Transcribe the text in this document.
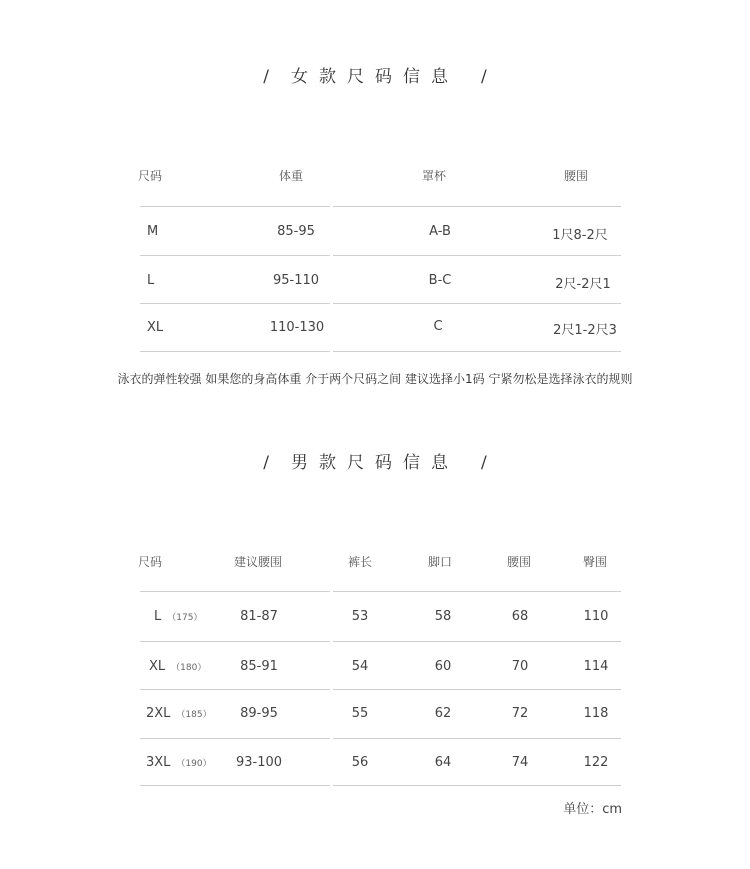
/ 女款尺码信息 /
尺码	体重	罩杯	腰围
M	85-95	A-B	1尺8-2尺
L	95-110	B-C	2尺-2尺1
XL	110-130	C	2尺1-2尺3
泳衣的弹性较强 如果您的身高体重 介于两个尺码之间 建议选择小1码 宁紧勿松是选择泳衣的规则
/ 男款尺码信息 /
尺码	建议腰围	裤长	脚口	腰围	臀围
L （175）	81-87	53	58	68	110
XL （180）	85-91	54	60	70	114
2XL （185） 89-95	55	62	72	118
3XL （190） 93-100	56	64	74	122
单位：cm
